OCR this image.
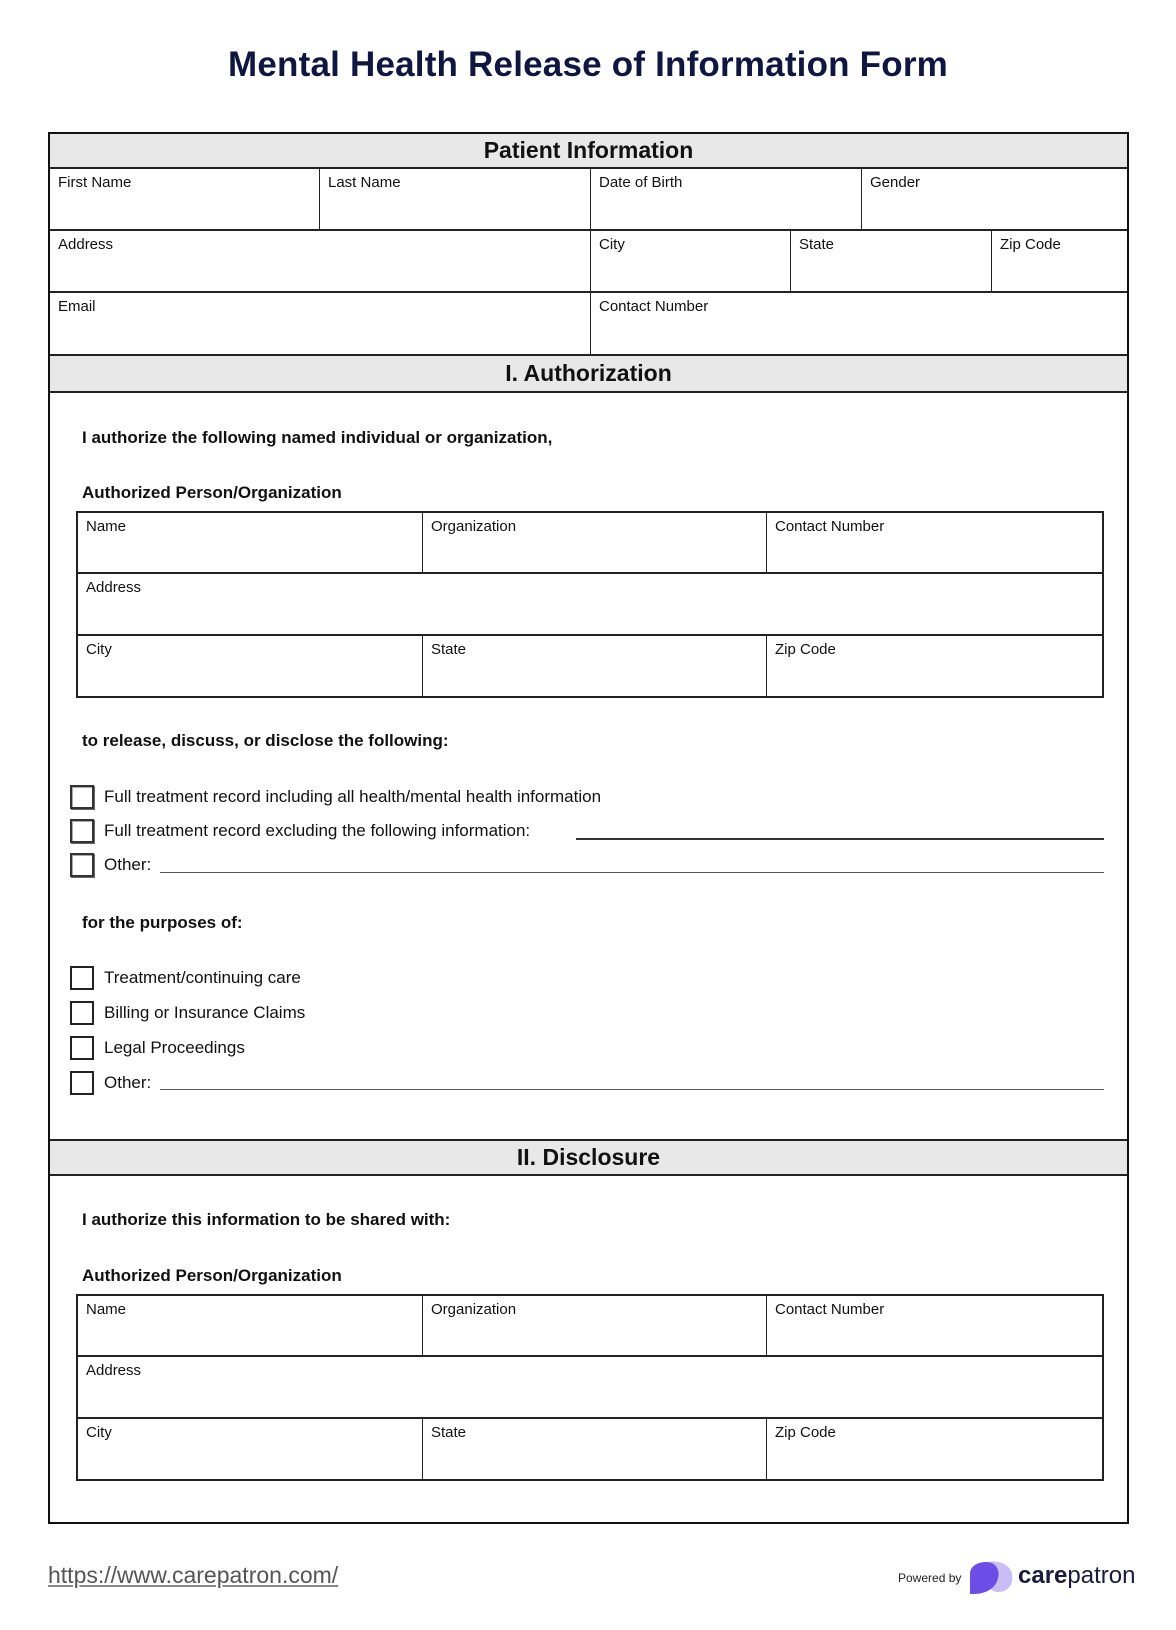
Mental Health Release of Information Form
Patient Information
First Name	Last Name	Date of Birth	Gender
Address	City	State	Zip Code
Email	Contact Number
I. Authorization
I authorize the following named individual or organization,
Authorized Person/Organization
Name	Organization	Contact Number
Address
City	State	Zip Code
to release, discuss, or disclose the following:
Full treatment record including all health/mental health information
Full treatment record excluding the following information:
Other:
for the purposes of:
Treatment/continuing care
Billing or Insurance Claims
Legal Proceedings
Other:
II. Disclosure
I authorize this information to be shared with:
Authorized Person/Organization
Name	Organization	Contact Number
Address
City	State	Zip Code
https://www.carepatron.com/	Powered by carepatron
